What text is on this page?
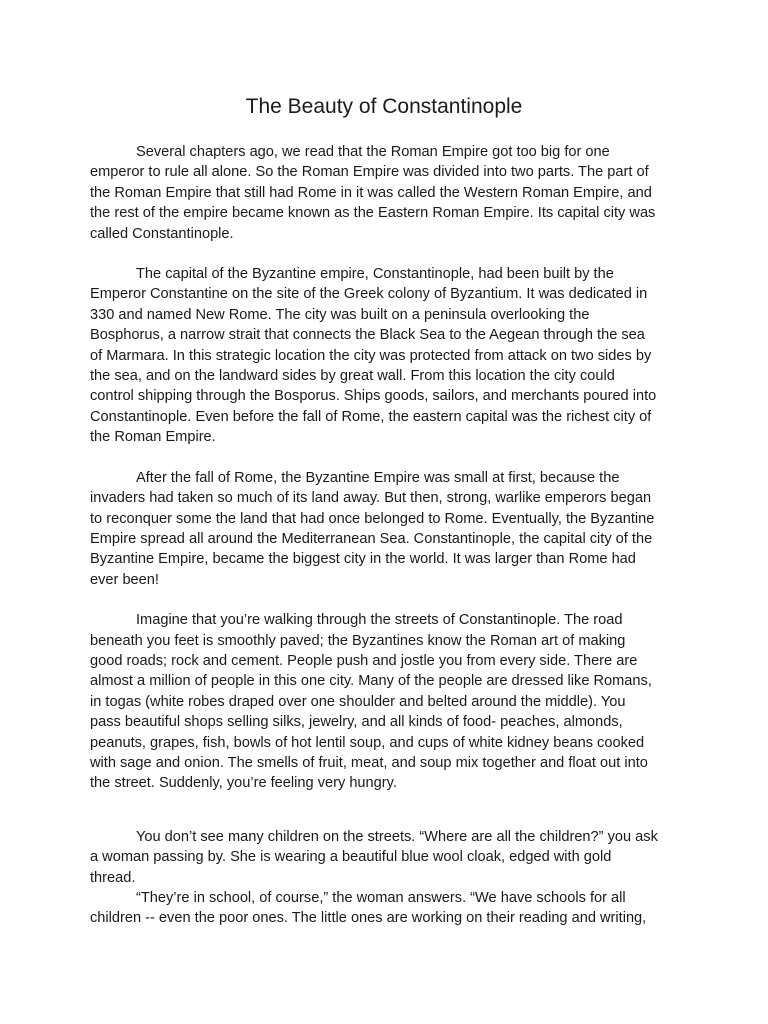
The Beauty of Constantinople

Several chapters ago, we read that the Roman Empire got too big for one
emperor to rule all alone. So the Roman Empire was divided into two parts. The part of
the Roman Empire that still had Rome in it was called the Western Roman Empire, and
the rest of the empire became known as the Eastern Roman Empire. Its capital city was
called Constantinople.

The capital of the Byzantine empire, Constantinople, had been built by the
Emperor Constantine on the site of the Greek colony of Byzantium. It was dedicated in
330 and named New Rome. The city was built on a peninsula overlooking the
Bosphorus, a narrow strait that connects the Black Sea to the Aegean through the sea
of Marmara. In this strategic location the city was protected from attack on two sides by
the sea, and on the landward sides by great wall. From this location the city could
control shipping through the Bosporus. Ships goods, sailors, and merchants poured into
Constantinople. Even before the fall of Rome, the eastern capital was the richest city of
the Roman Empire.

After the fall of Rome, the Byzantine Empire was small at first, because the
invaders had taken so much of its land away. But then, strong, warlike emperors began
to reconquer some the land that had once belonged to Rome. Eventually, the Byzantine
Empire spread all around the Mediterranean Sea. Constantinople, the capital city of the
Byzantine Empire, became the biggest city in the world. It was larger than Rome had
ever been!

Imagine that you’re walking through the streets of Constantinople. The road
beneath you feet is smoothly paved; the Byzantines know the Roman art of making
good roads; rock and cement. People push and jostle you from every side. There are
almost a million of people in this one city. Many of the people are dressed like Romans,
in togas (white robes draped over one shoulder and belted around the middle). You
pass beautiful shops selling silks, jewelry, and all kinds of food- peaches, almonds,
peanuts, grapes, fish, bowls of hot lentil soup, and cups of white kidney beans cooked
with sage and onion. The smells of fruit, meat, and soup mix together and float out into
the street. Suddenly, you’re feeling very hungry.

You don’t see many children on the streets. “Where are all the children?” you ask
a woman passing by. She is wearing a beautiful blue wool cloak, edged with gold
thread.

“They’re in school, of course,” the woman answers. “We have schools for all
children -- even the poor ones. The little ones are working on their reading and writing,
